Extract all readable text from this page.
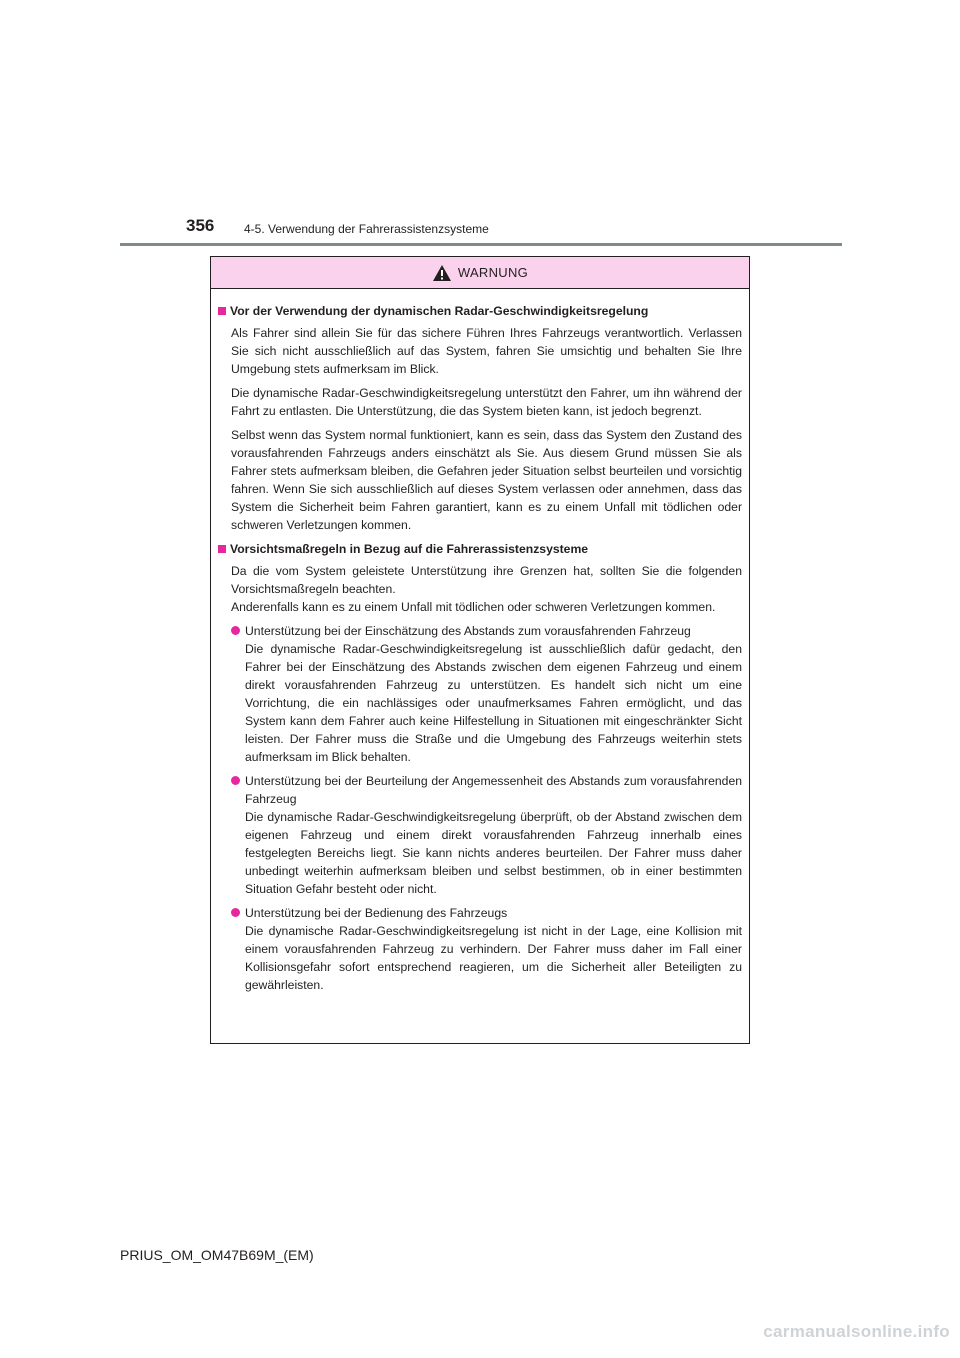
356 4-5. Verwendung der Fahrerassistenzsysteme
WARNUNG
Vor der Verwendung der dynamischen Radar-Geschwindigkeitsregelung

Als Fahrer sind allein Sie für das sichere Führen Ihres Fahrzeugs verantwortlich. Verlassen Sie sich nicht ausschließlich auf das System, fahren Sie umsichtig und behalten Sie Ihre Umgebung stets aufmerksam im Blick.

Die dynamische Radar-Geschwindigkeitsregelung unterstützt den Fahrer, um ihn während der Fahrt zu entlasten. Die Unterstützung, die das System bieten kann, ist jedoch begrenzt.

Selbst wenn das System normal funktioniert, kann es sein, dass das System den Zustand des vorausfahrenden Fahrzeugs anders einschätzt als Sie. Aus diesem Grund müssen Sie als Fahrer stets aufmerksam bleiben, die Gefahren jeder Situation selbst beurteilen und vorsichtig fahren. Wenn Sie sich ausschließlich auf dieses System verlassen oder annehmen, dass das System die Sicherheit beim Fahren garantiert, kann es zu einem Unfall mit tödlichen oder schweren Verletzungen kommen.

Vorsichtsmaßregeln in Bezug auf die Fahrerassistenzsysteme

Da die vom System geleistete Unterstützung ihre Grenzen hat, sollten Sie die folgenden Vorsichtsmaßregeln beachten.
Anderenfalls kann es zu einem Unfall mit tödlichen oder schweren Verletzungen kommen.

Unterstützung bei der Einschätzung des Abstands zum vorausfahrenden Fahrzeug
Die dynamische Radar-Geschwindigkeitsregelung ist ausschließlich dafür gedacht, den Fahrer bei der Einschätzung des Abstands zwischen dem eigenen Fahrzeug und einem direkt vorausfahrenden Fahrzeug zu unterstützen. Es handelt sich nicht um eine Vorrichtung, die ein nachlässiges oder unaufmerksames Fahren ermöglicht, und das System kann dem Fahrer auch keine Hilfestellung in Situationen mit eingeschränkter Sicht leisten. Der Fahrer muss die Straße und die Umgebung des Fahrzeugs weiterhin stets aufmerksam im Blick behalten.
Unterstützung bei der Beurteilung der Angemessenheit des Abstands zum vorausfahrenden Fahrzeug
Die dynamische Radar-Geschwindigkeitsregelung überprüft, ob der Abstand zwischen dem eigenen Fahrzeug und einem direkt vorausfahrenden Fahrzeug innerhalb eines festgelegten Bereichs liegt. Sie kann nichts anderes beurteilen. Der Fahrer muss daher unbedingt weiterhin aufmerksam bleiben und selbst bestimmen, ob in einer bestimmten Situation Gefahr besteht oder nicht.
Unterstützung bei der Bedienung des Fahrzeugs
Die dynamische Radar-Geschwindigkeitsregelung ist nicht in der Lage, eine Kollision mit einem vorausfahrenden Fahrzeug zu verhindern. Der Fahrer muss daher im Fall einer Kollisionsgefahr sofort entsprechend reagieren, um die Sicherheit aller Beteiligten zu gewährleisten.
PRIUS_OM_OM47B69M_(EM)
carmanualsonline.info
